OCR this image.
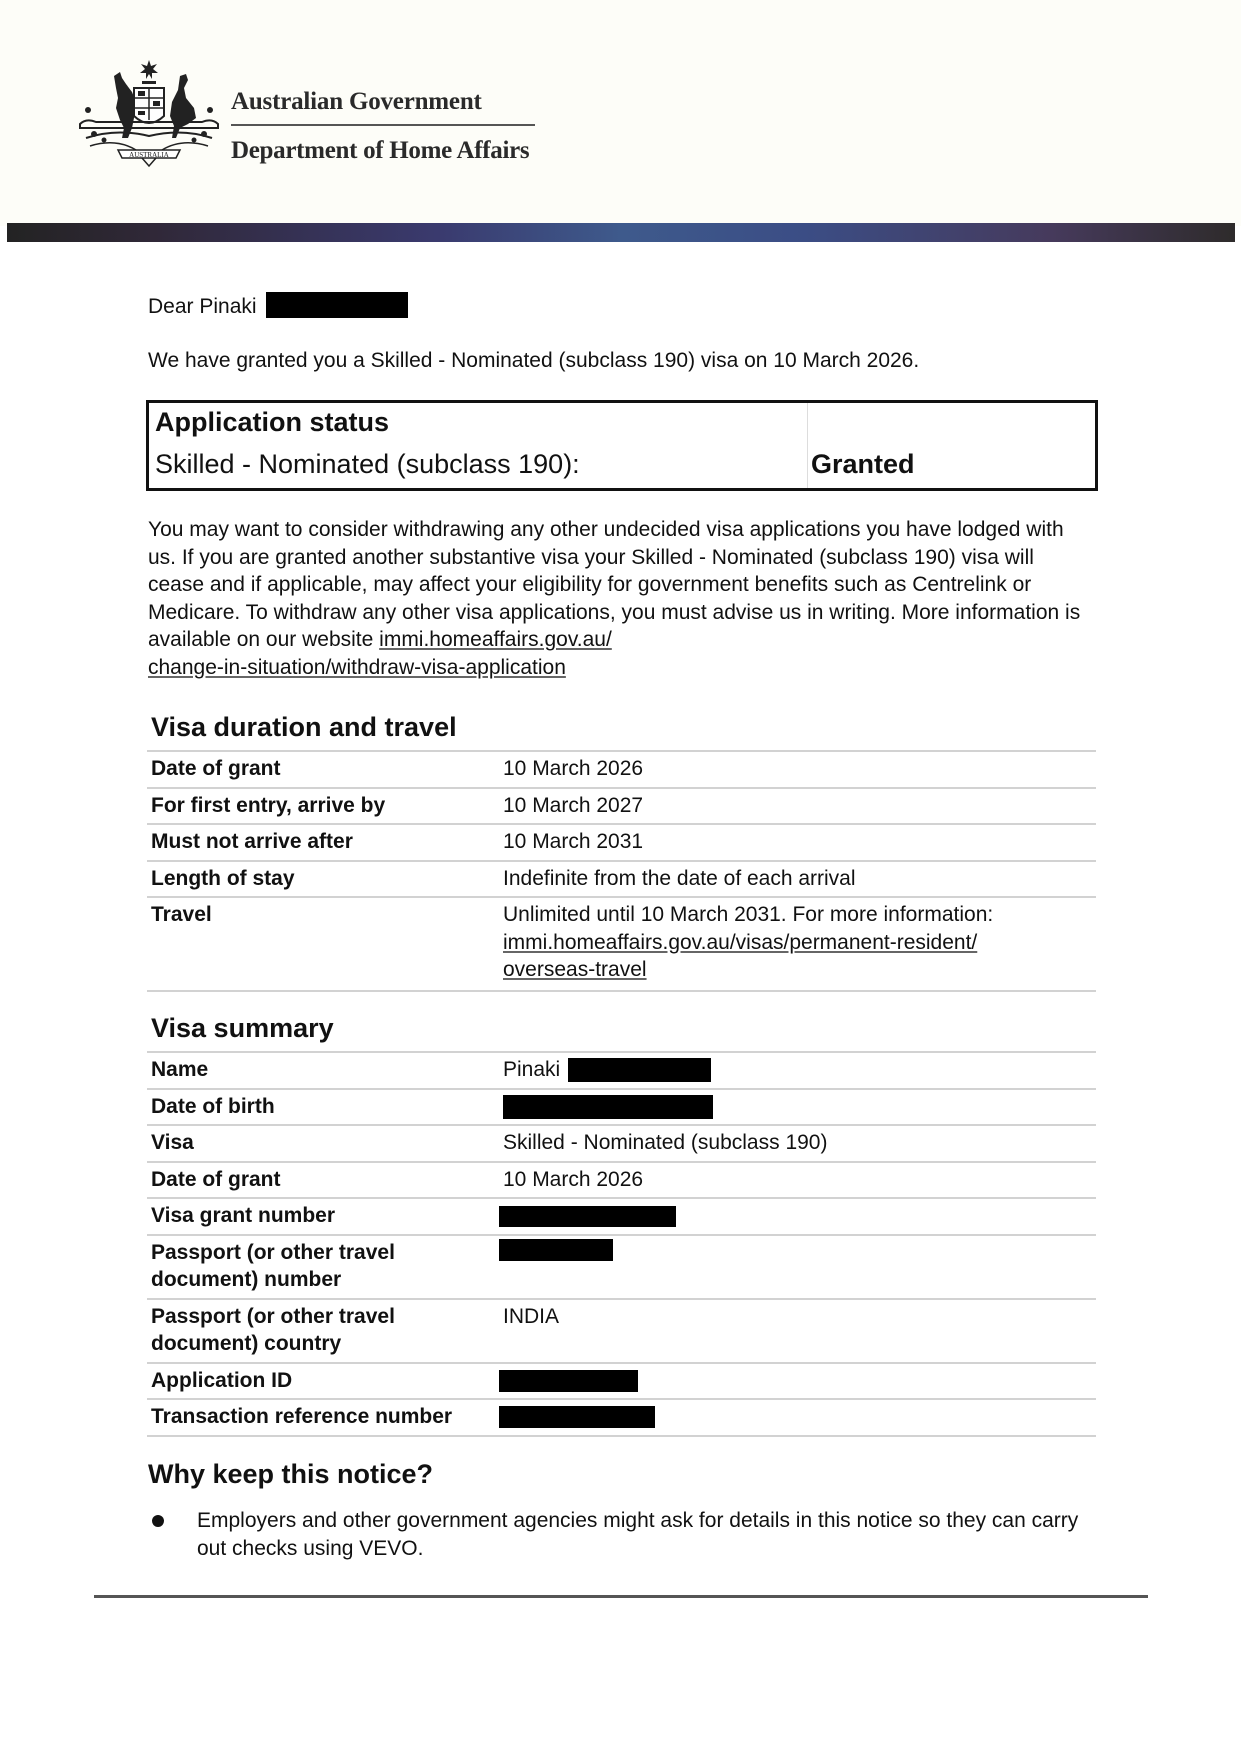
AUSTRALIA
Australian Government
Department of Home Affairs
Dear Pinaki
We have granted you a Skilled - Nominated (subclass 190) visa on 10 March 2026.
Application status
Skilled - Nominated (subclass 190):	Granted
You may want to consider withdrawing any other undecided visa applications you have lodged with us. If you are granted another substantive visa your Skilled - Nominated (subclass 190) visa will cease and if applicable, may affect your eligibility for government benefits such as Centrelink or Medicare. To withdraw any other visa applications, you must advise us in writing. More information is available on our website immi.homeaffairs.gov.au/
change-in-situation/withdraw-visa-application
Visa duration and travel
Date of grant	10 March 2026
For first entry, arrive by	10 March 2027
Must not arrive after	10 March 2031
Length of stay	Indefinite from the date of each arrival
Travel	Unlimited until 10 March 2031. For more information:
immi.homeaffairs.gov.au/visas/permanent-resident/
overseas-travel
Visa summary
Name	Pinaki
Date of birth	
Visa	Skilled - Nominated (subclass 190)
Date of grant	10 March 2026
Visa grant number	
Passport (or other travel document) number	
Passport (or other travel document) country	INDIA
Application ID	
Transaction reference number	
Why keep this notice?
Employers and other government agencies might ask for details in this notice so they can carry out checks using VEVO.
